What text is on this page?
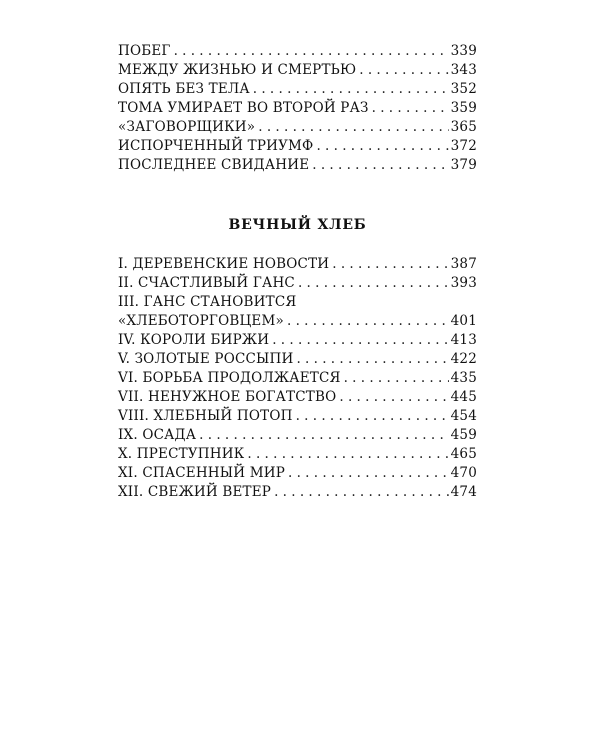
ПОБЕГ . . .	339
МЕЖДУ ЖИЗНЬЮ И СМЕРТЬЮ . . .	343
ОПЯТЬ БЕЗ ТЕЛА . . .	352
ТОМА УМИРАЕТ ВО ВТОРОЙ РАЗ . . .	359
«ЗАГОВОРЩИКИ» . . .	365
ИСПОРЧЕННЫЙ ТРИУМФ . . .	372
ПОСЛЕДНЕЕ СВИДАНИЕ . . .	379
ВЕЧНЫЙ ХЛЕБ
I. ДЕРЕВЕНСКИЕ НОВОСТИ . . .	387
II. СЧАСТЛИВЫЙ ГАНС . . .	393
III. ГАНС СТАНОВИТСЯ
«ХЛЕБОТОРГОВЦЕМ» . . .	401
IV. КОРОЛИ БИРЖИ . . .	413
V. ЗОЛОТЫЕ РОССЫПИ . . .	422
VI. БОРЬБА ПРОДОЛЖАЕТСЯ . . .	435
VII. НЕНУЖНОЕ БОГАТСТВО . . .	445
VIII. ХЛЕБНЫЙ ПОТОП . . .	454
IX. ОСАДА . . .	459
X. ПРЕСТУПНИК . . .	465
XI. СПАСЕННЫЙ МИР . . .	470
XII. СВЕЖИЙ ВЕТЕР . . .	474
